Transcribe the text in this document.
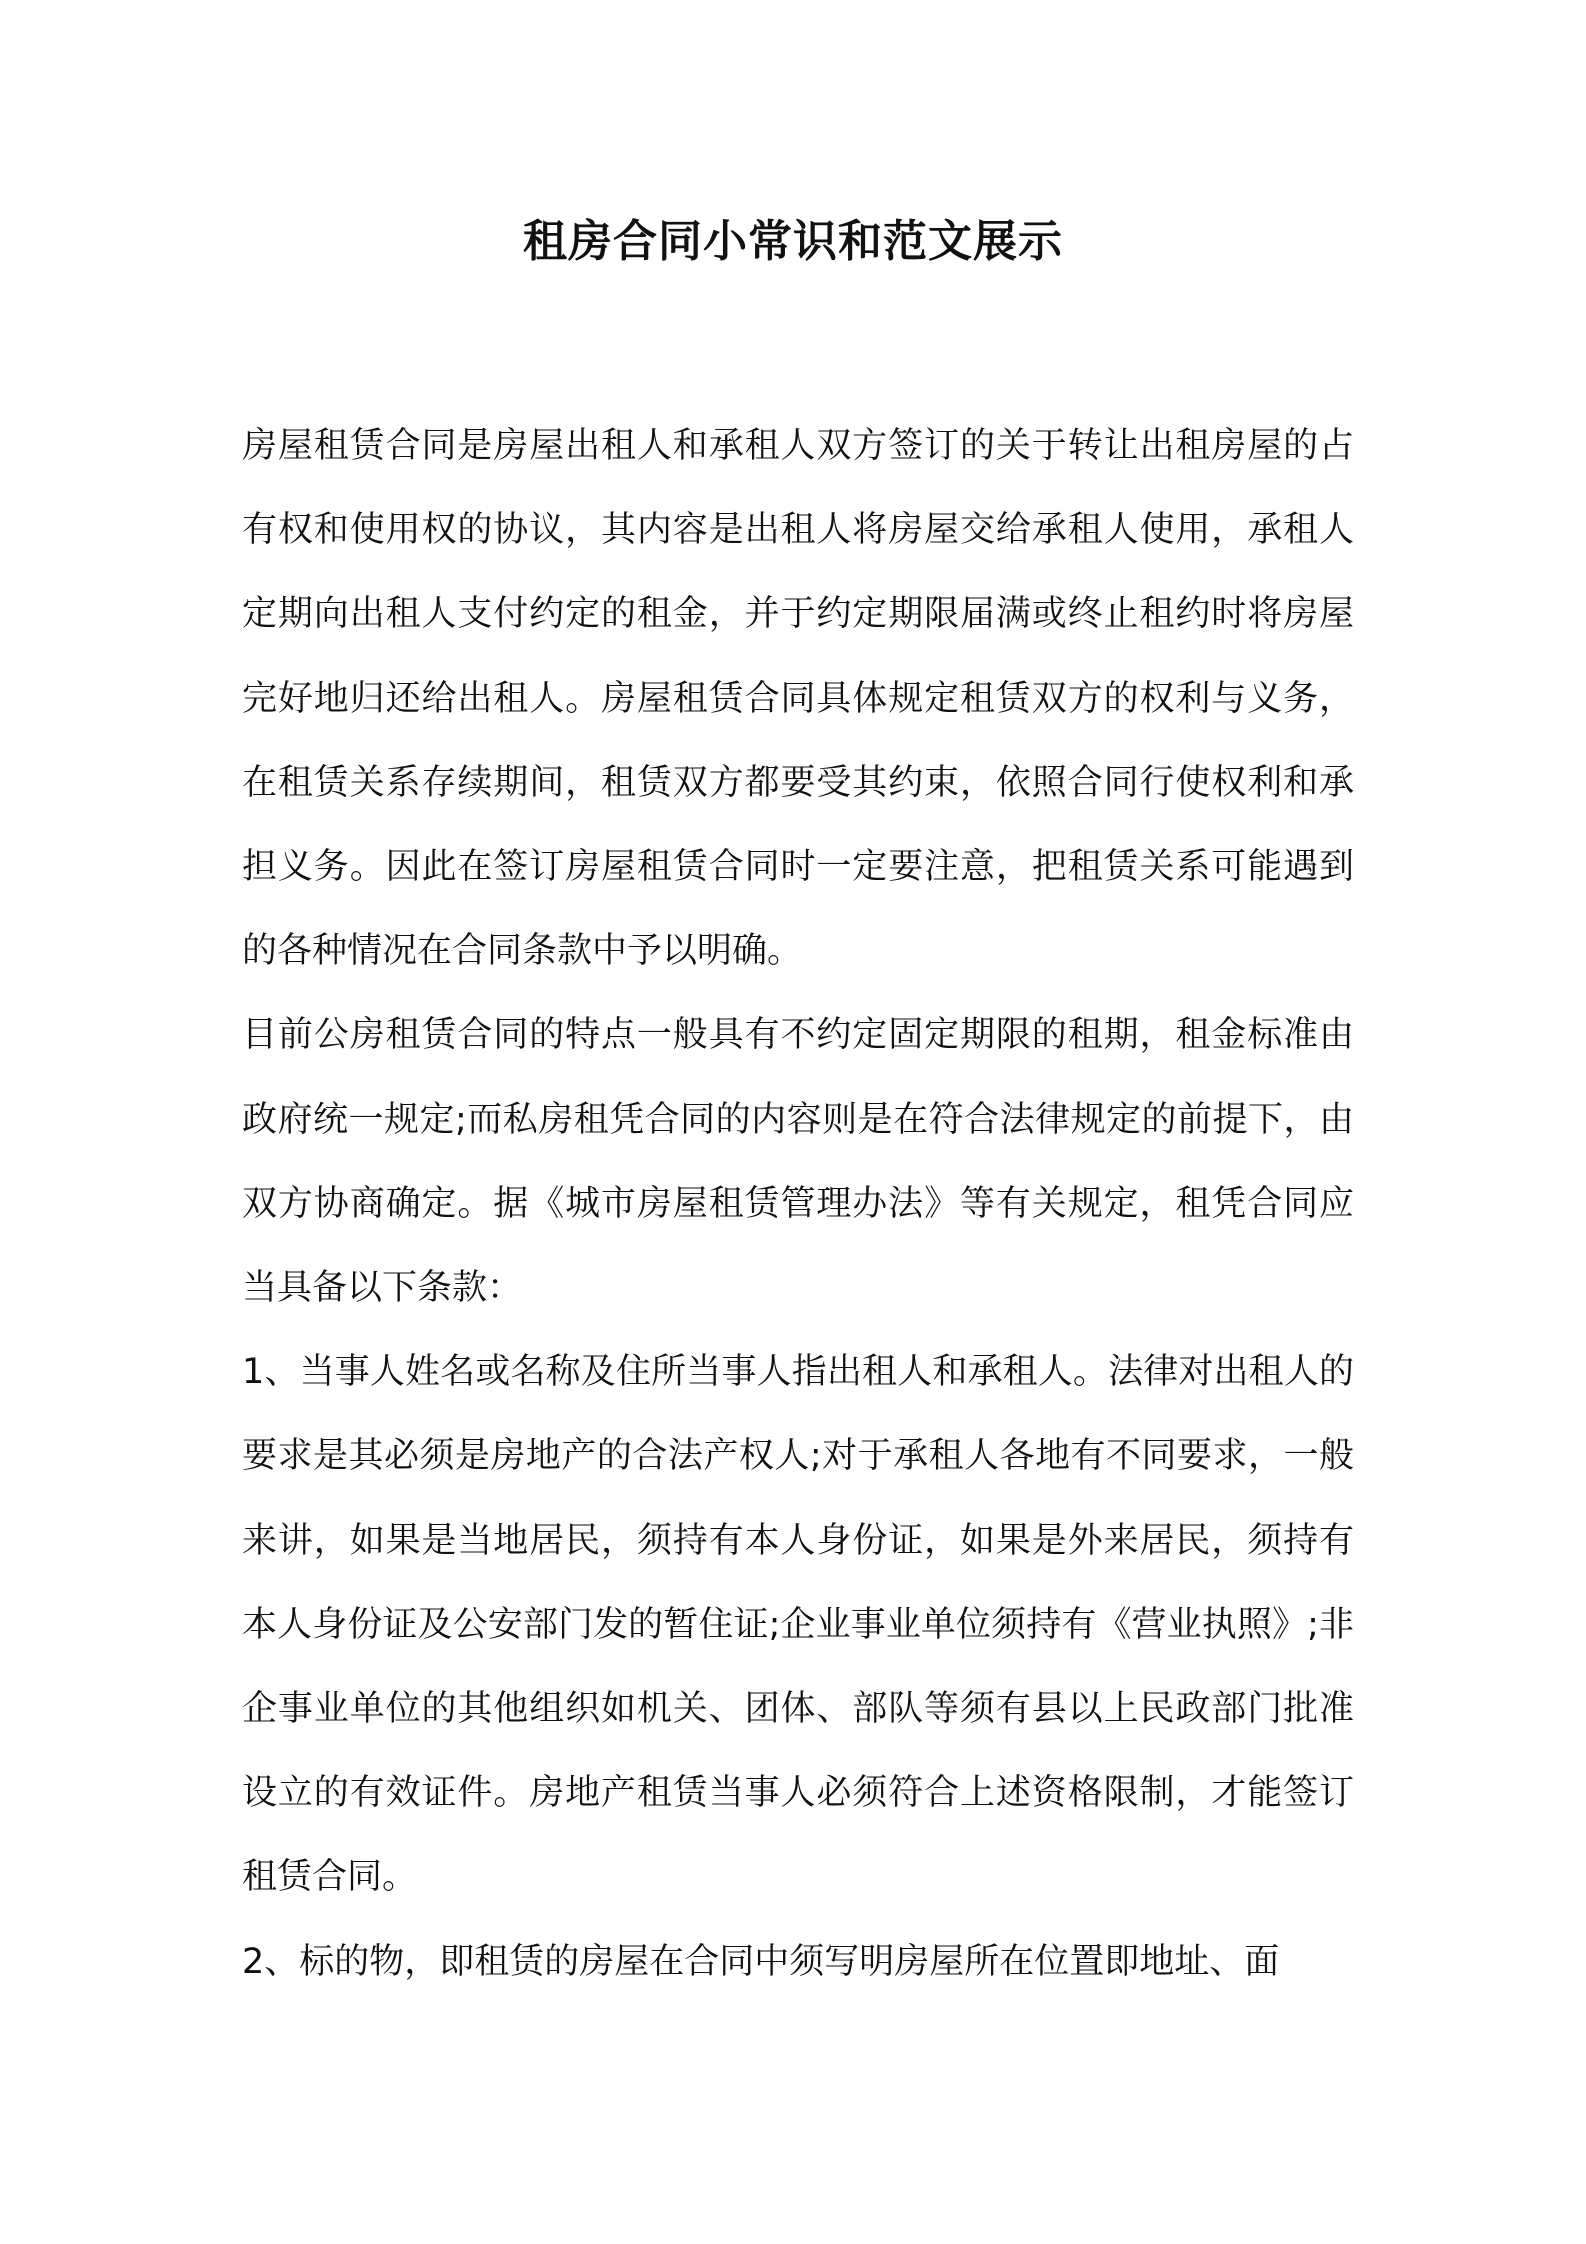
租房合同小常识和范文展示

房屋租赁合同是房屋出租人和承租人双方签订的关于转让出租房屋的占有权和使用权的协议，其内容是出租人将房屋交给承租人使用，承租人定期向出租人支付约定的租金，并于约定期限届满或终止租约时将房屋完好地归还给出租人。房屋租赁合同具体规定租赁双方的权利与义务，在租赁关系存续期间，租赁双方都要受其约束，依照合同行使权利和承担义务。因此在签订房屋租赁合同时一定要注意，把租赁关系可能遇到的各种情况在合同条款中予以明确。

目前公房租赁合同的特点一般具有不约定固定期限的租期，租金标准由政府统一规定;而私房租凭合同的内容则是在符合法律规定的前提下，由双方协商确定。据《城市房屋租赁管理办法》等有关规定，租凭合同应当具备以下条款：

1、当事人姓名或名称及住所当事人指出租人和承租人。法律对出租人的要求是其必须是房地产的合法产权人;对于承租人各地有不同要求，一般来讲，如果是当地居民，须持有本人身份证，如果是外来居民，须持有本人身份证及公安部门发的暂住证;企业事业单位须持有《营业执照》;非企事业单位的其他组织如机关、团体、部队等须有县以上民政部门批准设立的有效证件。房地产租赁当事人必须符合上述资格限制，才能签订租赁合同。

2、标的物，即租赁的房屋在合同中须写明房屋所在位置即地址、面
